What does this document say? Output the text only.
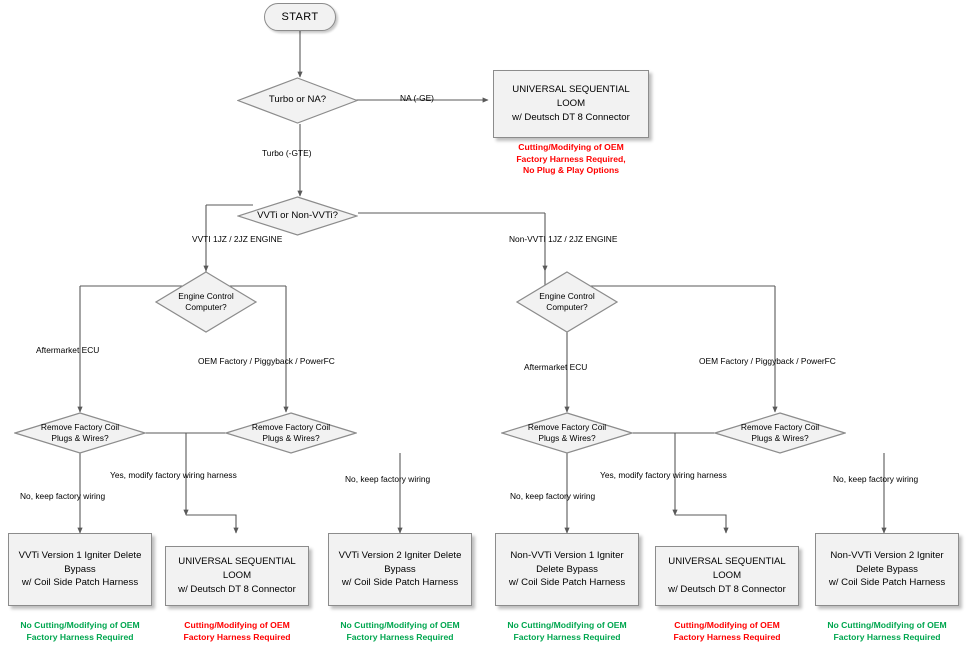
START
Turbo or NA?
UNIVERSAL SEQUENTIAL LOOM
w/ Deutsch DT 8 Connector
Cutting/Modifying of OEM
Factory Harness Required,
No Plug & Play Options
VVTi or Non-VVTi?
Engine Control
Computer?
Engine Control
Computer?
Remove Factory Coil
Plugs & Wires?
Remove Factory Coil
Plugs & Wires?
Remove Factory Coil
Plugs & Wires?
Remove Factory Coil
Plugs & Wires?
VVTi Version 1 Igniter Delete
Bypass
w/ Coil Side Patch Harness
No Cutting/Modifying of OEM
Factory Harness Required
UNIVERSAL SEQUENTIAL LOOM
w/ Deutsch DT 8 Connector
Cutting/Modifying of OEM
Factory Harness Required
VVTi Version 2 Igniter Delete
Bypass
w/ Coil Side Patch Harness
No Cutting/Modifying of OEM
Factory Harness Required
Non-VVTi Version 1 Igniter
Delete Bypass
w/ Coil Side Patch Harness
No Cutting/Modifying of OEM
Factory Harness Required
UNIVERSAL SEQUENTIAL LOOM
w/ Deutsch DT 8 Connector
Cutting/Modifying of OEM
Factory Harness Required
Non-VVTi Version 2 Igniter
Delete Bypass
w/ Coil Side Patch Harness
No Cutting/Modifying of OEM
Factory Harness Required
NA (-GE)
Turbo (-GTE)
VVTI 1JZ / 2JZ ENGINE	Non-VVTI 1JZ / 2JZ ENGINE
Aftermarket ECU
OEM Factory / Piggyback / PowerFC
Aftermarket ECU
OEM Factory / Piggyback / PowerFC
No, keep factory wiring
Yes, modify factory wiring harness	No, keep factory wiring
No, keep factory wiring
Yes, modify factory wiring harness	No, keep factory wiring
